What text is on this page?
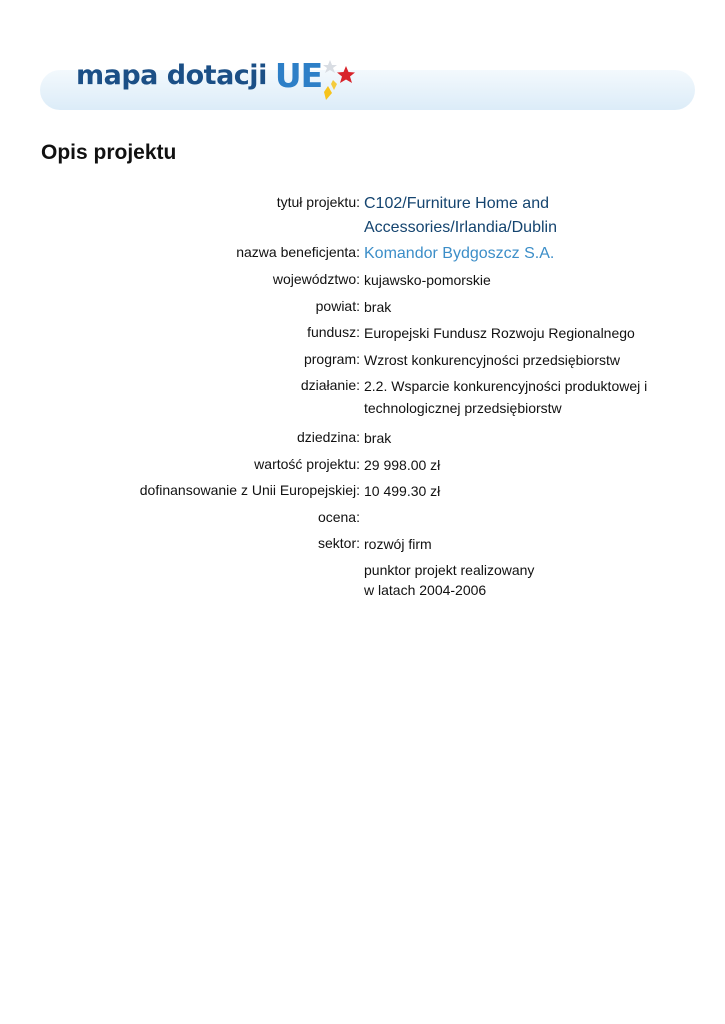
mapa dotacji UE
Opis projektu
tytuł projektu: C102/Furniture Home and Accessories/Irlandia/Dublin
nazwa beneficjenta: Komandor Bydgoszcz S.A.
województwo: kujawsko-pomorskie
powiat: brak
fundusz: Europejski Fundusz Rozwoju Regionalnego
program: Wzrost konkurencyjności przedsiębiorstw
działanie: 2.2. Wsparcie konkurencyjności produktowej i technologicznej przedsiębiorstw
dziedzina: brak
wartość projektu: 29 998.00 zł
dofinansowanie z Unii Europejskiej: 10 499.30 zł
ocena:
sektor: rozwój firm
punktor projekt realizowany
w latach 2004-2006
